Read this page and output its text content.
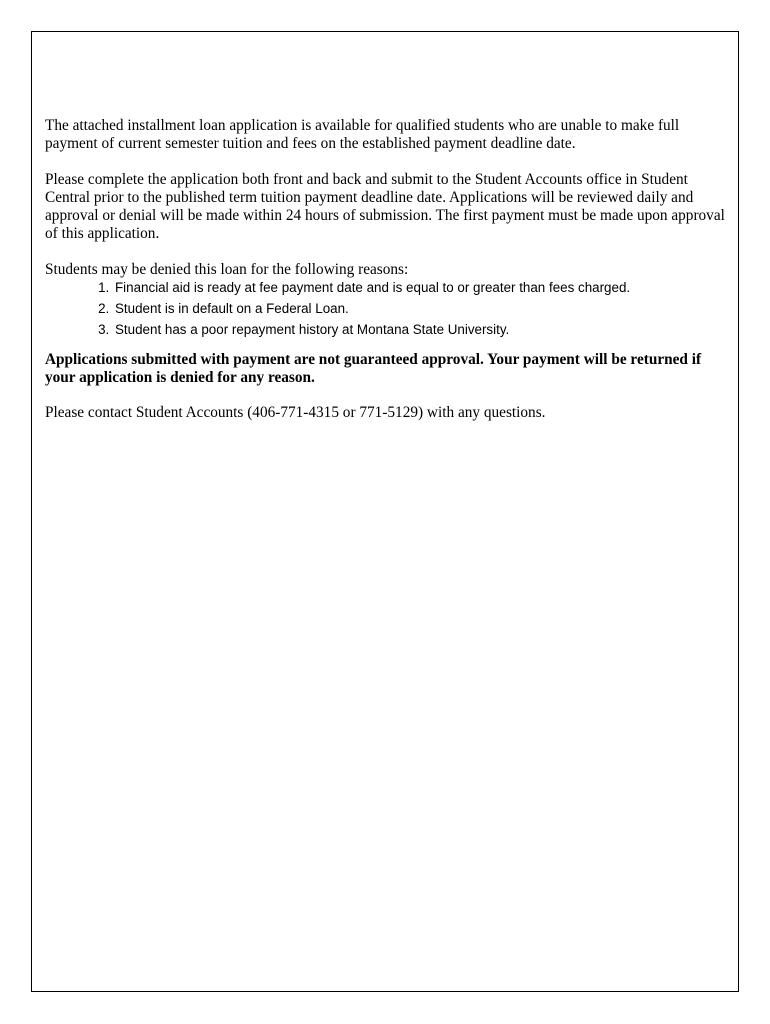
The attached installment loan application is available for qualified students who are unable to make full payment of current semester tuition and fees on the established payment deadline date.

Please complete the application both front and back and submit to the Student Accounts office in Student Central prior to the published term tuition payment deadline date. Applications will be reviewed daily and approval or denial will be made within 24 hours of submission. The first payment must be made upon approval of this application.

Students may be denied this loan for the following reasons:

1. Financial aid is ready at fee payment date and is equal to or greater than fees charged.
2. Student is in default on a Federal Loan.
3. Student has a poor repayment history at Montana State University.

Applications submitted with payment are not guaranteed approval. Your payment will be returned if your application is denied for any reason.

Please contact Student Accounts (406-771-4315 or 771-5129) with any questions.
